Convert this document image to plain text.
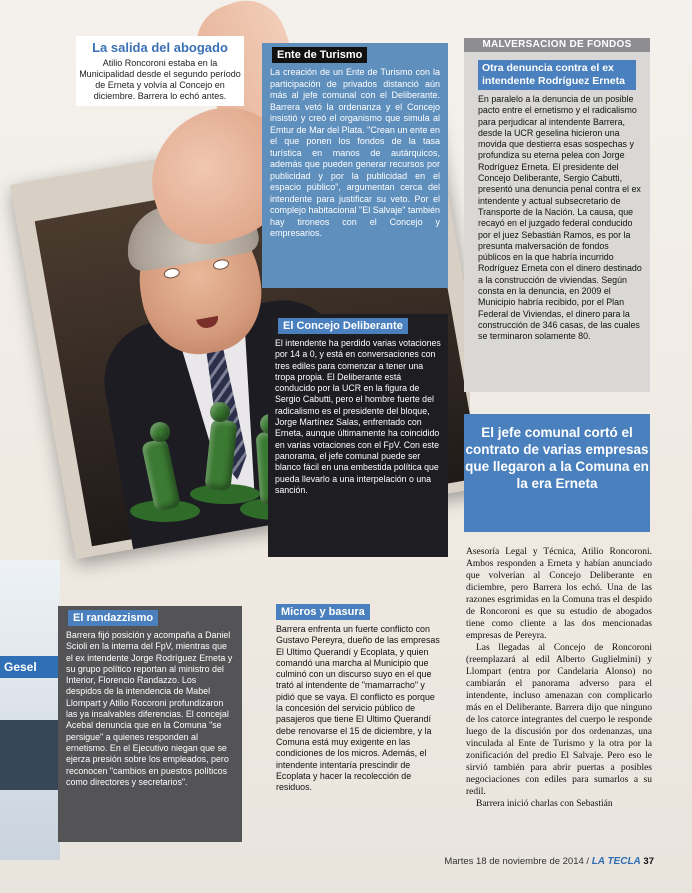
Gesel
La salida del abogado
Atilio Roncoroni estaba en la Municipalidad desde el segundo período de Erneta y volvía al Concejo en diciembre. Barrera lo echó antes.
Ente de Turismo
La creación de un Ente de Turismo con la participación de privados distanció aún más al jefe comunal con el Deliberante. Barrera vetó la ordenanza y el Concejo insistió y creó el organismo que simula al Emtur de Mar del Plata. "Crean un ente en el que ponen los fondos de la tasa turística en manos de autárquicos, además que pueden generar recursos por publicidad y por la publicidad en el espacio público", argumentan cerca del intendente para justificar su veto. Por el complejo habitacional "El Salvaje" también hay tironeos con el Concejo y empresarios.
El Concejo Deliberante
El intendente ha perdido varias votaciones por 14 a 0, y está en conversaciones con tres ediles para comenzar a tener una tropa propia. El Deliberante está conducido por la UCR en la figura de Sergio Cabutti, pero el hombre fuerte del radicalismo es el presidente del bloque, Jorge Martínez Salas, enfrentado con Erneta, aunque últimamente ha coincidido en varias votaciones con el FpV. Con este panorama, el jefe comunal puede ser blanco fácil en una embestida política que pueda llevarlo a una interpelación o una sanción.
MALVERSACION DE FONDOS
Otra denuncia contra el ex intendente Rodríguez Erneta
En paralelo a la denuncia de un posible pacto entre el ernetismo y el radicalismo para perjudicar al intendente Barrera, desde la UCR geselina hicieron una movida que destierra esas sospechas y profundiza su eterna pelea con Jorge Rodríguez Erneta. El presidente del Concejo Deliberante, Sergio Cabutti, presentó una denuncia penal contra el ex intendente y actual subsecretario de Transporte de la Nación. La causa, que recayó en el juzgado federal conducido por el juez Sebastián Ramos, es por la presunta malversación de fondos públicos en la que habría incurrido Rodríguez Erneta con el dinero destinado a la construcción de viviendas. Según consta en la denuncia, en 2009 el Municipio habría recibido, por el Plan Federal de Viviendas, el dinero para la construcción de 346 casas, de las cuales se terminaron solamente 80.
El jefe comunal cortó el contrato de varias empresas que llegaron a la Comuna en la era Erneta
El randazzismo
Barrera fijó posición y acompaña a Daniel Scioli en la interna del FpV, mientras que el ex intendente Jorge Rodríguez Erneta y su grupo político reportan al ministro del Interior, Florencio Randazzo. Los despidos de la intendencia de Mabel Llompart y Atilio Rocoroni profundizaron las ya insalvables diferencias. El concejal Acebal denuncia que en la Comuna "se persigue" a quienes responden al ernetismo. En el Ejecutivo niegan que se ejerza presión sobre los empleados, pero reconocen "cambios en puestos políticos como directores y secretarios".
Micros y basura
Barrera enfrenta un fuerte conflicto con Gustavo Pereyra, dueño de las empresas El Ultimo Querandí y Ecoplata, y quien comandó una marcha al Municipio que culminó con un discurso suyo en el que trató al intendente de "mamarracho" y pidió que se vaya. El conflicto es porque la concesión del servicio público de pasajeros que tiene El Ultimo Querandí debe renovarse el 15 de diciembre, y la Comuna está muy exigente en las condiciones de los micros. Además, el intendente intentaría prescindir de Ecoplata y hacer la recolección de residuos.

Asesoría Legal y Técnica, Atilio Roncoroni. Ambos responden a Erneta y habían anunciado que volverían al Concejo Deliberante en diciembre, pero Barrera los echó. Una de las razones esgrimidas en la Comuna tras el despido de Roncoroni es que su estudio de abogados tiene como cliente a las dos mencionadas empresas de Pereyra.

Las llegadas al Concejo de Roncoroni (reemplazará al edil Alberto Guglielmini) y Llompart (entra por Candelaria Alonso) no cambiarán el panorama adverso para el intendente, incluso amenazan con complicarlo más en el Deliberante. Barrera dijo que ninguno de los catorce integrantes del cuerpo le responde luego de la discusión por dos ordenanzas, una vinculada al Ente de Turismo y la otra por la zonificación del predio El Salvaje. Pero eso le sirvió también para abrir puertas a posibles negociaciones con ediles para sumarlos a su redil.

Barrera inició charlas con Sebastián

Martes 18 de noviembre de 2014 / LA TECLA 37
